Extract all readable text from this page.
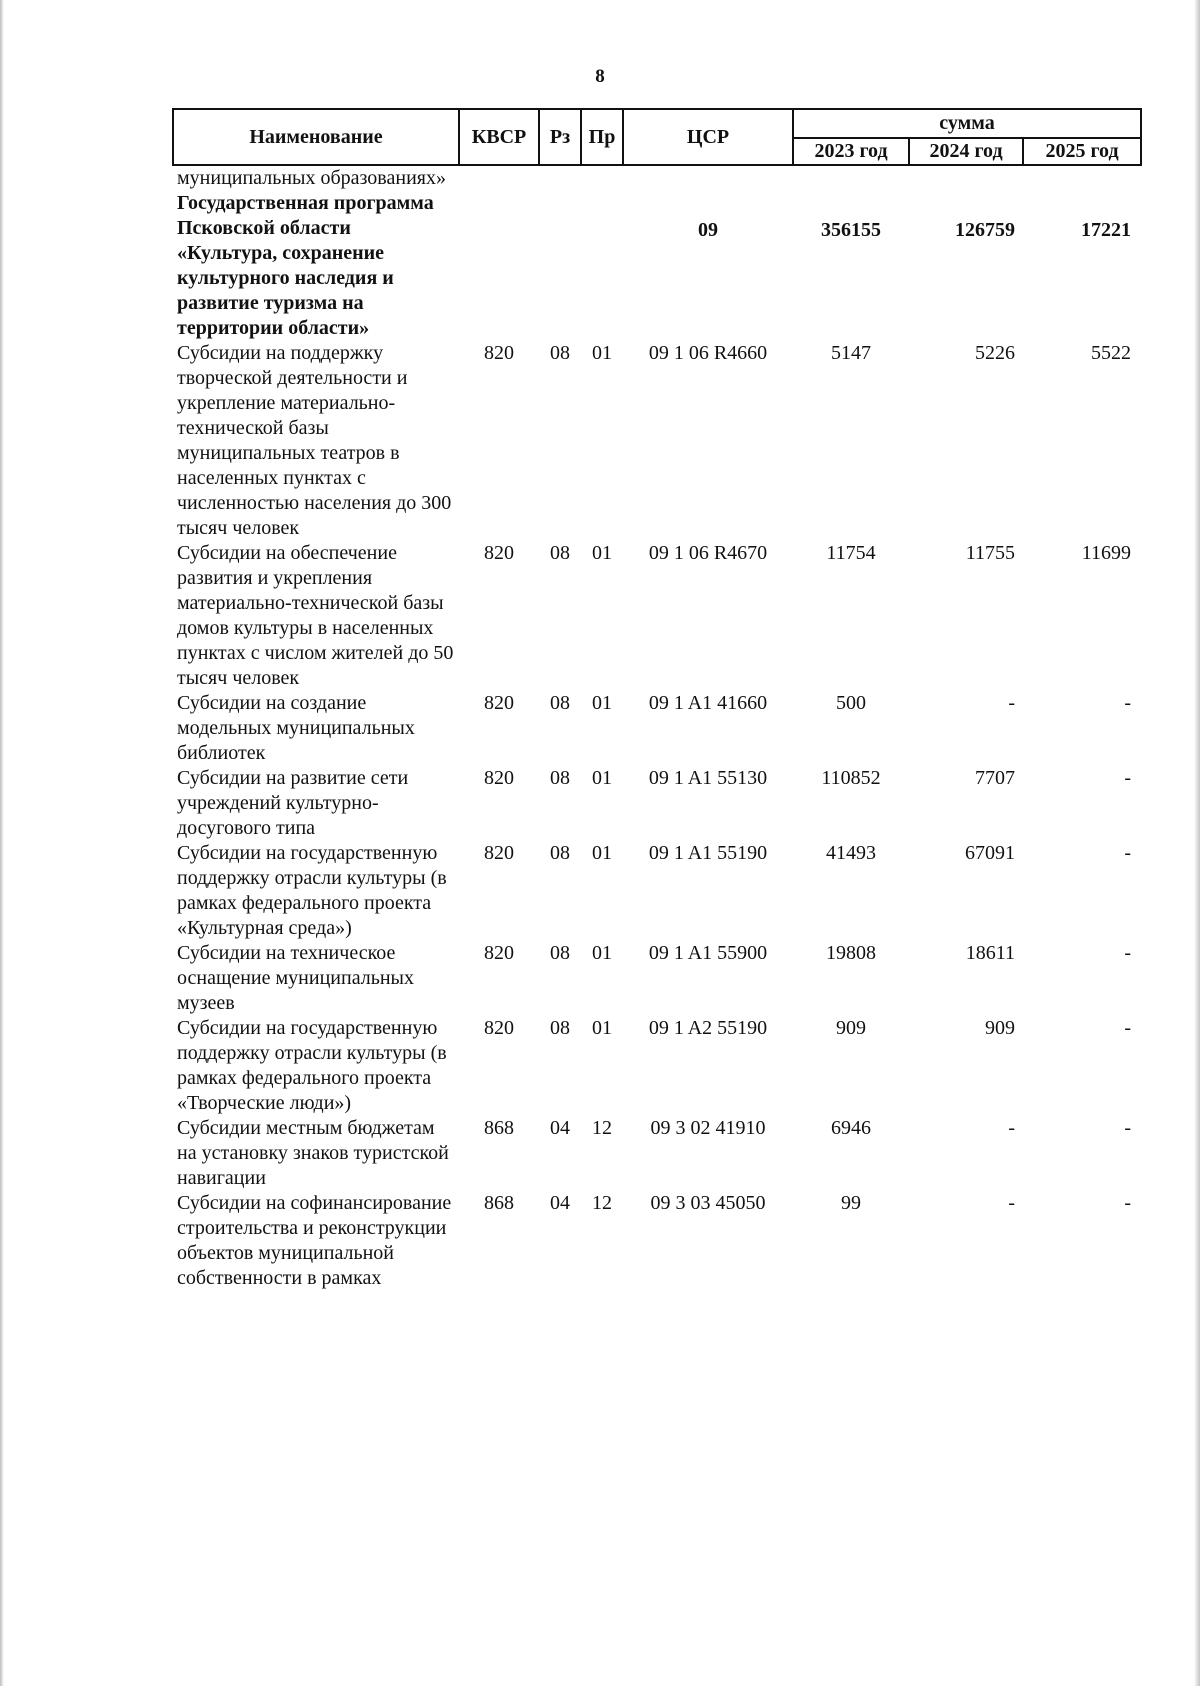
8
Наименование	КВСР	Рз	Пр	ЦСР	сумма		
					2023 год	2024 год	2025 год
муниципальных образованиях»							
Государственная программа Псковской области «Культура, сохранение культурного наследия и развитие туризма на территории области»				09	356155	126759	17221
Субсидии на поддержку творческой деятельности и укрепление материально-технической базы муниципальных театров в населенных пунктах с численностью населения до 300 тысяч человек	820	08	01	09 1 06 R4660	5147	5226	5522
Субсидии на обеспечение развития и укрепления материально-технической базы домов культуры в населенных пунктах с числом жителей до 50 тысяч человек	820	08	01	09 1 06 R4670	11754	11755	11699
Субсидии на создание модельных муниципальных библиотек	820	08	01	09 1 A1 41660	500	-	-
Субсидии на развитие сети учреждений культурно-досугового типа	820	08	01	09 1 A1 55130	110852	7707	-
Субсидии на государственную поддержку отрасли культуры (в рамках федерального проекта «Культурная среда»)	820	08	01	09 1 A1 55190	41493	67091	-
Субсидии на техническое оснащение муниципальных музеев	820	08	01	09 1 A1 55900	19808	18611	-
Субсидии на государственную поддержку отрасли культуры (в рамках федерального проекта «Творческие люди»)	820	08	01	09 1 A2 55190	909	909	-
Субсидии местным бюджетам на установку знаков туристской навигации	868	04	12	09 3 02 41910	6946	-	-
Субсидии на софинансирование строительства и реконструкции объектов муниципальной собственности в рамках	868	04	12	09 3 03 45050	99	-	-
